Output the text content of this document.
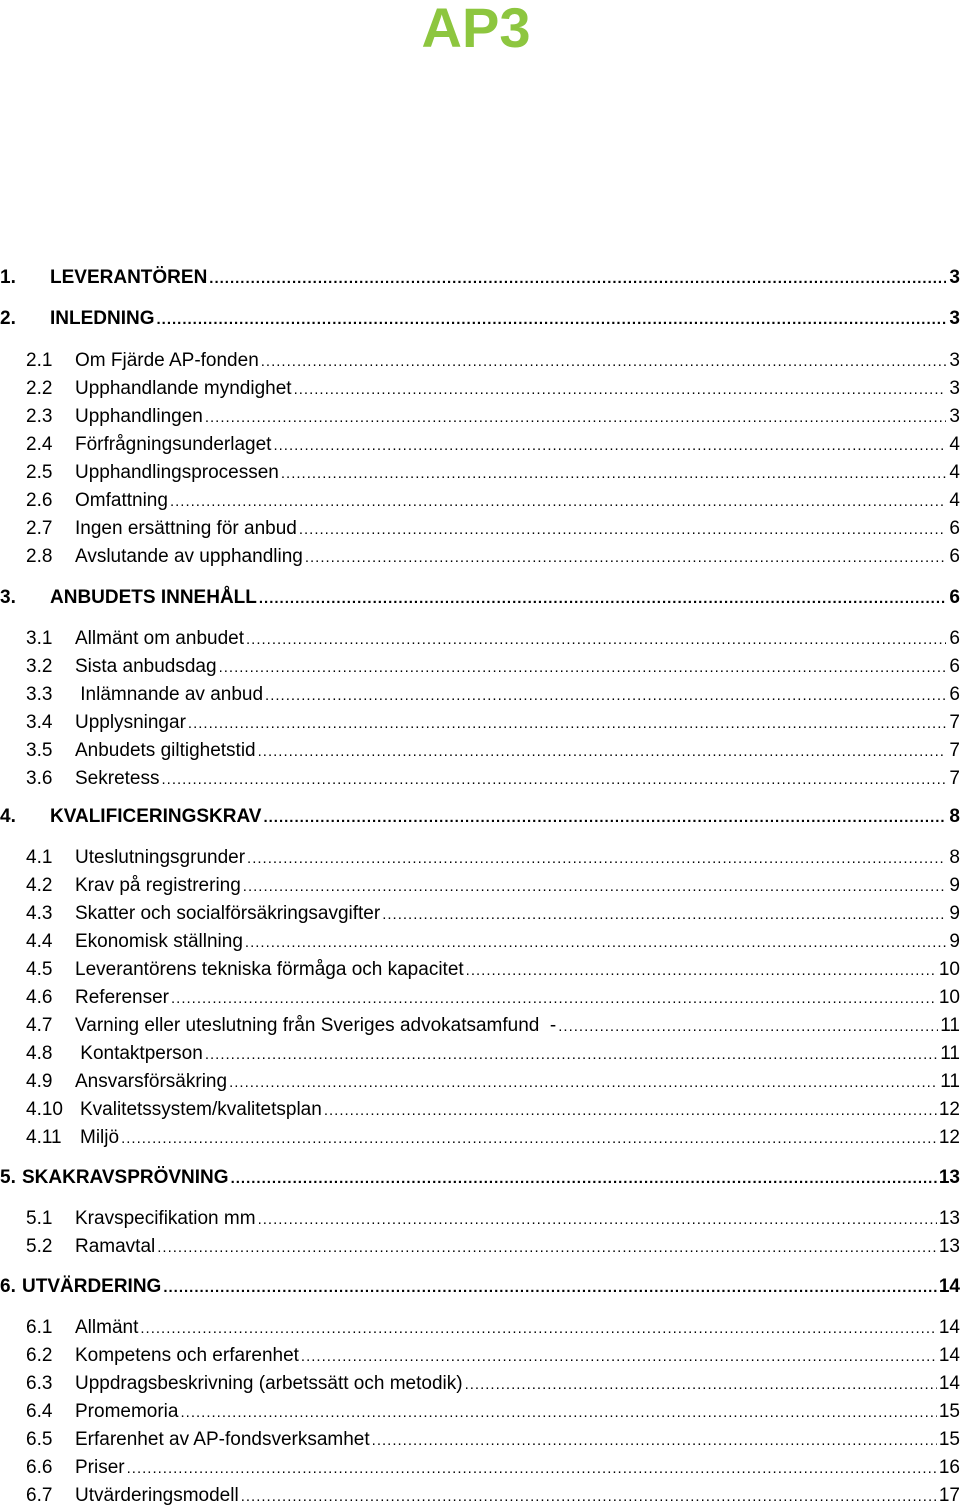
AP3
1.	LEVERANTÖREN .....	3
2.	INLEDNING .....	3
2.1	Om Fjärde AP-fonden .....	3
2.2	Upphandlande myndighet .....	3
2.3	Upphandlingen .....	3
2.4	Förfrågningsunderlaget .....	4
2.5	Upphandlingsprocessen .....	4
2.6	Omfattning .....	4
2.7	Ingen ersättning för anbud .....	6
2.8	Avslutande av upphandling .....	6
3.	ANBUDETS INNEHÅLL .....	6
3.1	Allmänt om anbudet .....	6
3.2	Sista anbudsdag .....	6
3.3	Inlämnande av anbud .....	6
3.4	Upplysningar .....	7
3.5	Anbudets giltighetstid .....	7
3.6	Sekretess .....	7
4.	KVALIFICERINGSKRAV .....	8
4.1	Uteslutningsgrunder .....	8
4.2	Krav på registrering .....	9
4.3	Skatter och socialförsäkringsavgifter .....	9
4.4	Ekonomisk ställning .....	9
4.5	Leverantörens tekniska förmåga och kapacitet .....	10
4.6	Referenser .....	10
4.7	Varning eller uteslutning från Sveriges advokatsamfund  - .....	11
4.8	Kontaktperson .....	11
4.9	Ansvarsförsäkring .....	11
4.10 Kvalitetssystem/kvalitetsplan .....	12
4.11 Miljö .....	12
5. SKAKRAVSPRÖVNING .....	13
5.1	Kravspecifikation mm .....	13
5.2	Ramavtal .....	13
6. UTVÄRDERING .....	14
6.1	Allmänt .....	14
6.2	Kompetens och erfarenhet .....	14
6.3	Uppdragsbeskrivning (arbetssätt och metodik) .....	14
6.4	Promemoria .....	15
6.5	Erfarenhet av AP-fondsverksamhet .....	15
6.6	Priser .....	16
6.7	Utvärderingsmodell .....	17
